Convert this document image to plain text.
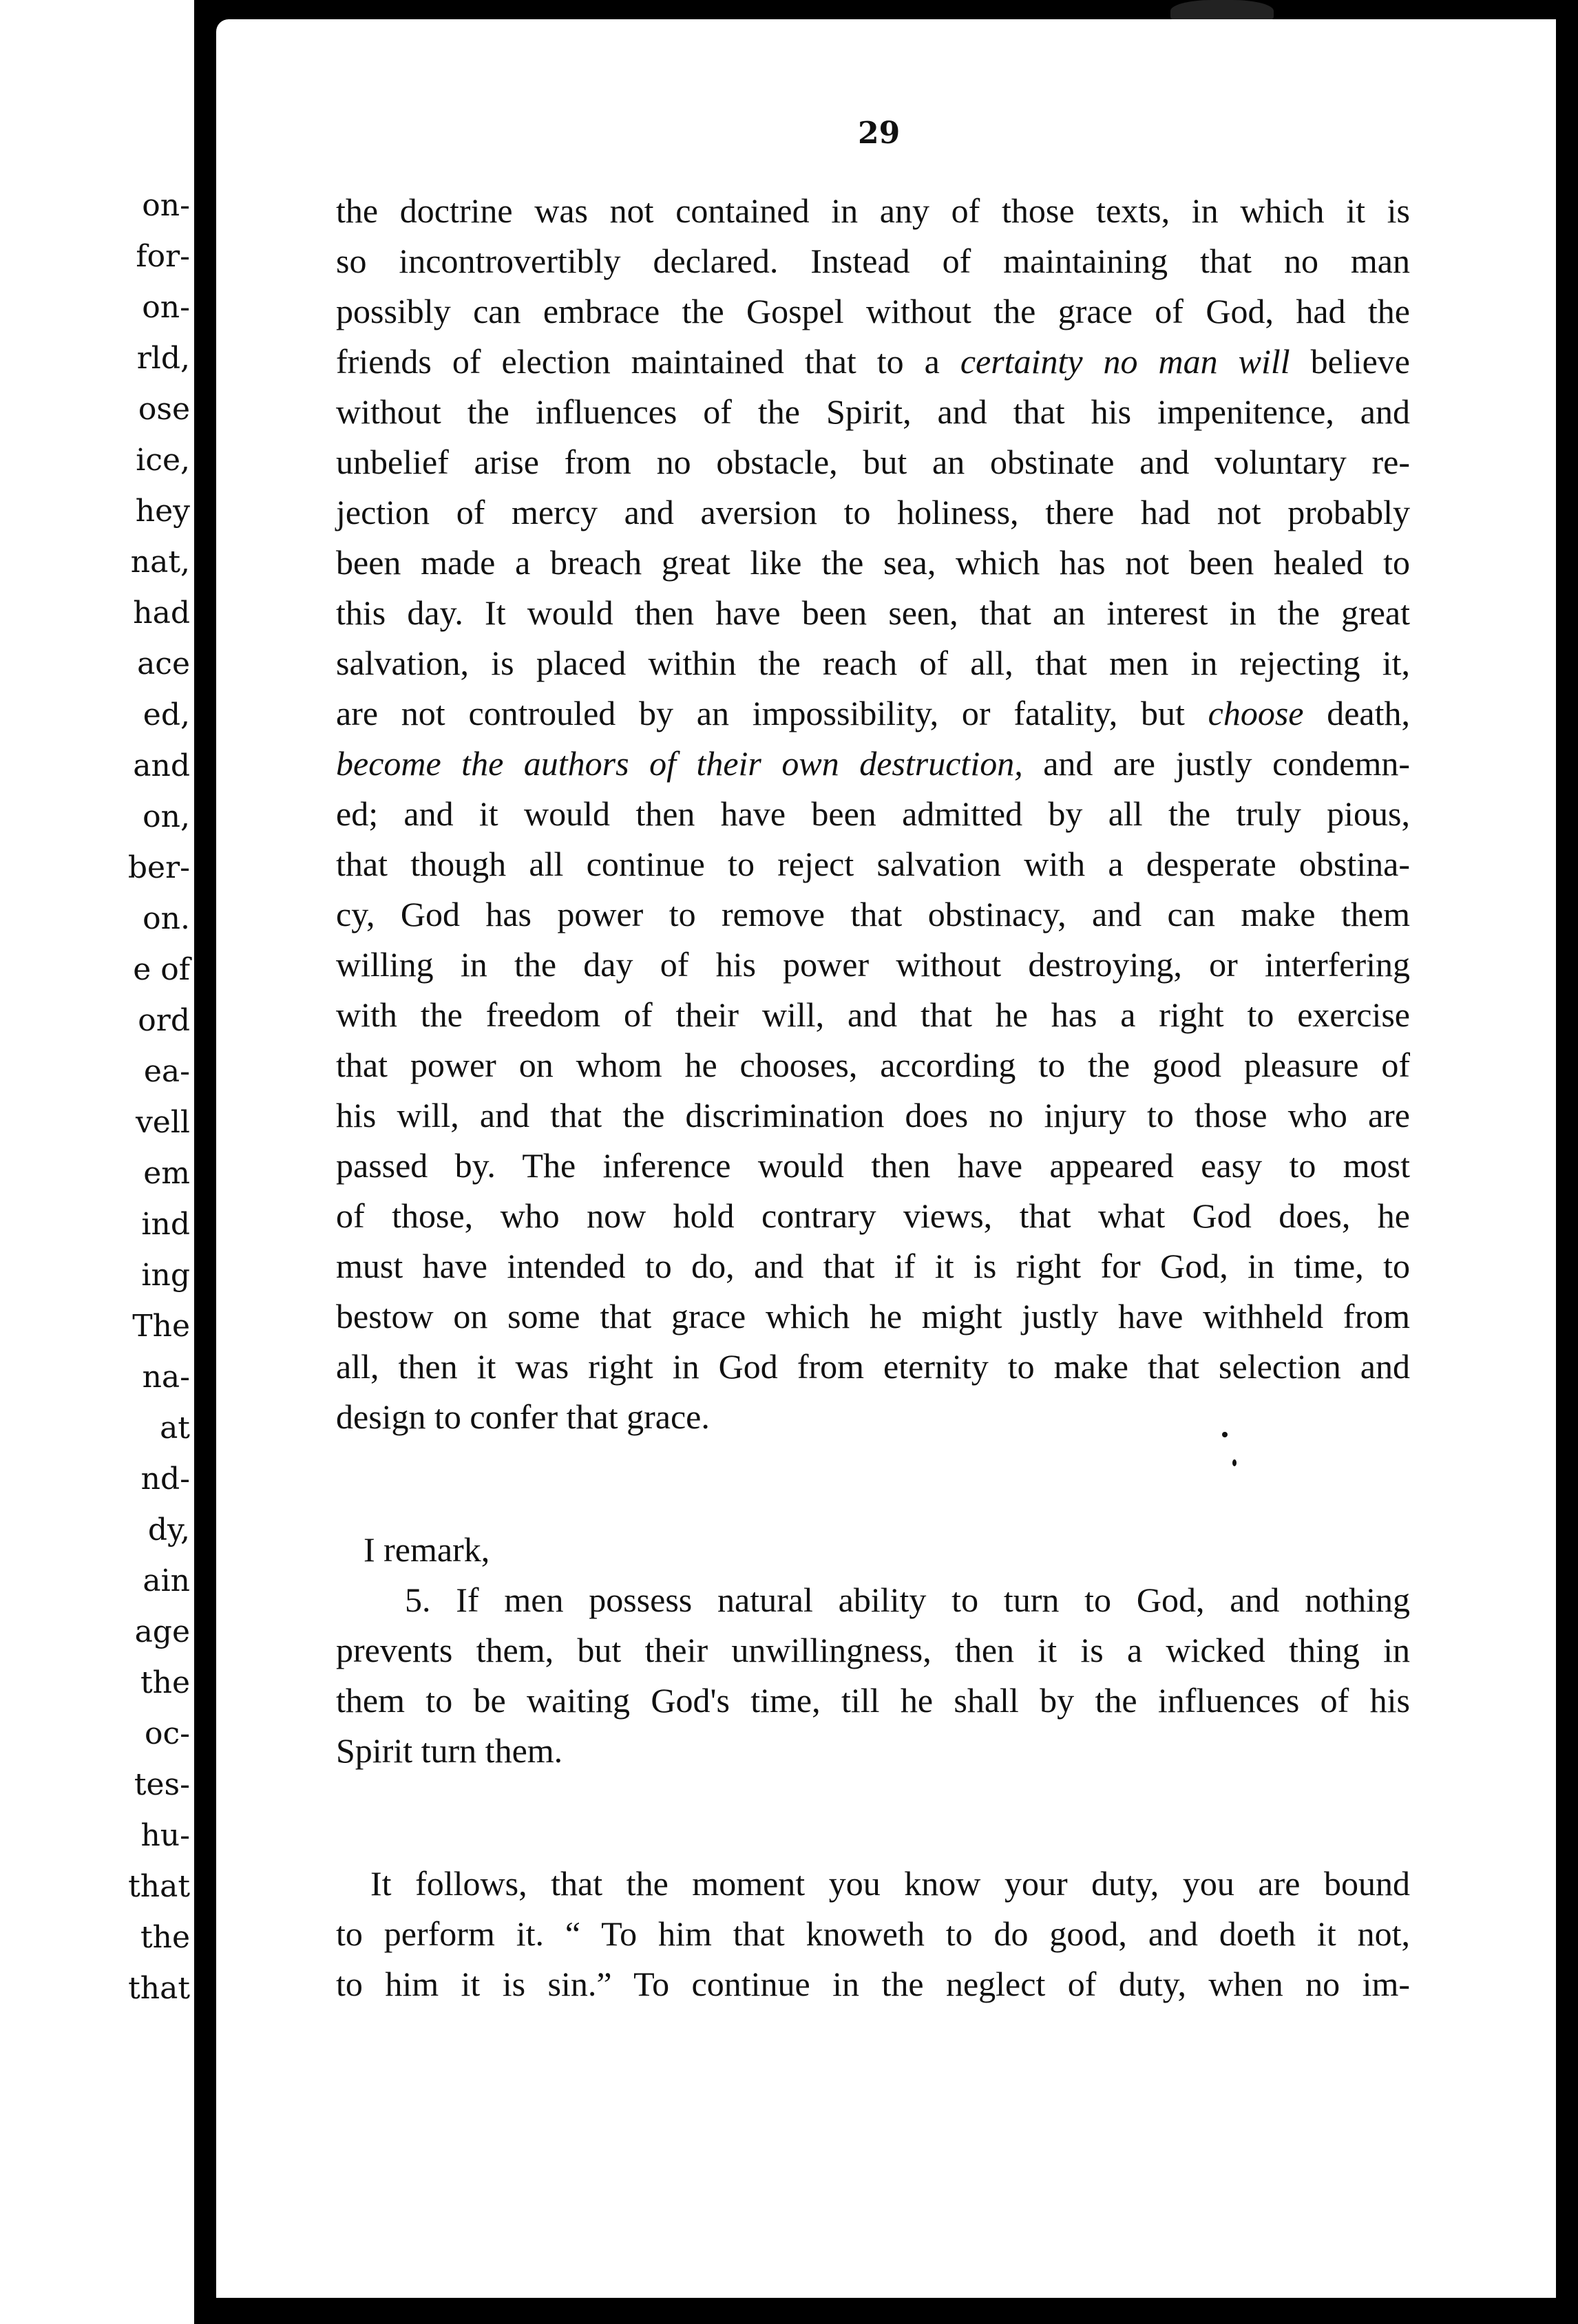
on-
for-
on-
rld,
ose
ice,
hey
nat,
had
ace
ed,
and
on,
ber-
on.
e of
ord
ea-
vell
em
ind
ing
The
na-
at
nd-
dy,
ain
age
the
oc-
tes-
hu-
that
the
that
29
the doctrine was not contained in any of those texts, in which it is
so incontrovertibly declared. Instead of maintaining that no man
possibly can embrace the Gospel without the grace of God, had the
friends of election maintained that to a certainty no man will believe
without the influences of the Spirit, and that his impenitence, and
unbelief arise from no obstacle, but an obstinate and voluntary re-
jection of mercy and aversion to holiness, there had not probably
been made a breach great like the sea, which has not been healed to
this day. It would then have been seen, that an interest in the great
salvation, is placed within the reach of all, that men in rejecting it,
are not controuled by an impossibility, or fatality, but choose death,
become the authors of their own destruction, and are justly condemn-
ed; and it would then have been admitted by all the truly pious,
that though all continue to reject salvation with a desperate obstina-
cy, God has power to remove that obstinacy, and can make them
willing in the day of his power without destroying, or interfering
with the freedom of their will, and that he has a right to exercise
that power on whom he chooses, according to the good pleasure of
his will, and that the discrimination does no injury to those who are
passed by. The inference would then have appeared easy to most
of those, who now hold contrary views, that what God does, he
must have intended to do, and that if it is right for God, in time, to
bestow on some that grace which he might justly have withheld from
all, then it was right in God from eternity to make that selection and
design to confer that grace.
I remark,
5. If men possess natural ability to turn to God, and nothing
prevents them, but their unwillingness, then it is a wicked thing in
them to be waiting God's time, till he shall by the influences of his
Spirit turn them.
It follows, that the moment you know your duty, you are bound
to perform it. “ To him that knoweth to do good, and doeth it not,
to him it is sin.” To continue in the neglect of duty, when no im-
